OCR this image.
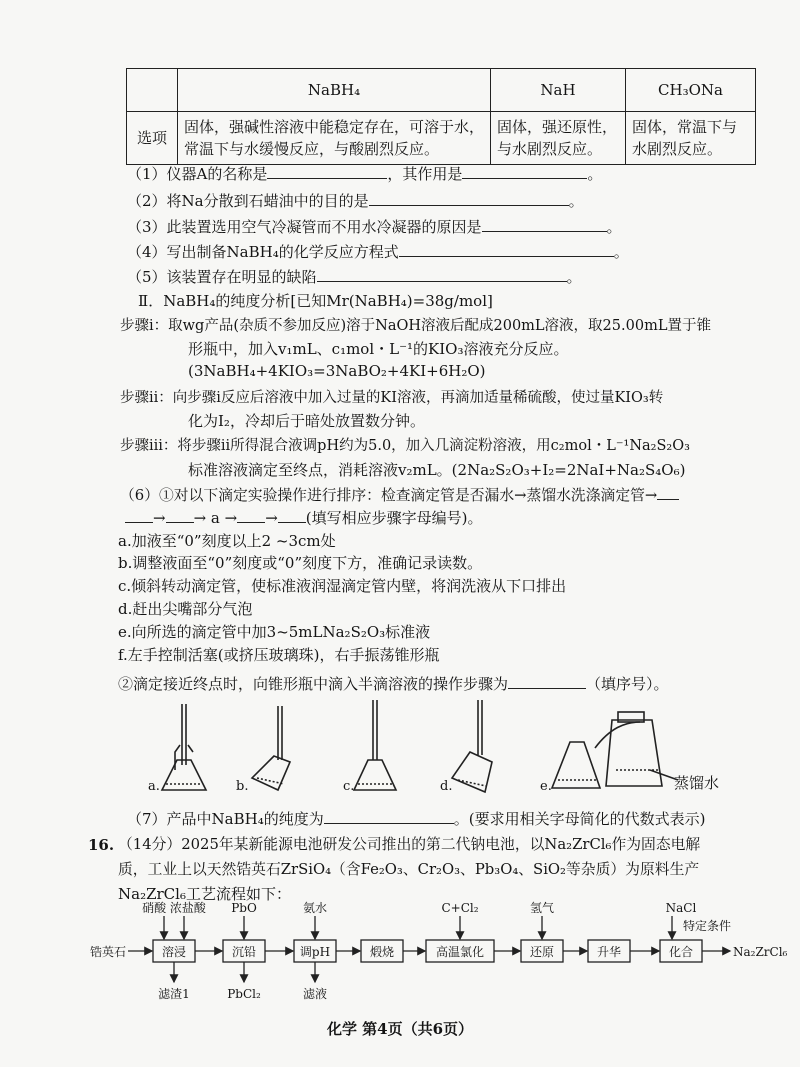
	NaBH₄	NaH	CH₃ONa
选项	固体，强碱性溶液中能稳定存在，可溶于水，常温下与水缓慢反应，与酸剧烈反应。	固体，强还原性，与水剧烈反应。	固体，常温下与水剧烈反应。
（1）仪器A的名称是	，其作用是	。
（2）将Na分散到石蜡油中的目的是	。
（3）此装置选用空气冷凝管而不用水冷凝器的原因是	。
（4）写出制备NaBH₄的化学反应方程式	。
（5）该装置存在明显的缺陷	。
Ⅱ．NaBH₄的纯度分析[已知Mr(NaBH₄)=38g/mol]
步骤i：取wg产品(杂质不参加反应)溶于NaOH溶液后配成200mL溶液，取25.00mL置于锥
形瓶中，加入v₁mL、c₁mol・L⁻¹的KIO₃溶液充分反应。
(3NaBH₄+4KIO₃=3NaBO₂+4KI+6H₂O)
步骤ⅱ：向步骤i反应后溶液中加入过量的KI溶液，再滴加适量稀硫酸，使过量KIO₃转
化为I₂，冷却后于暗处放置数分钟。
步骤ⅲ：将步骤ⅱ所得混合液调pH约为5.0，加入几滴淀粉溶液，用c₂mol・L⁻¹Na₂S₂O₃
标准溶液滴定至终点，消耗溶液v₂mL。(2Na₂S₂O₃+I₂=2NaI+Na₂S₄O₆)
（6）①对以下滴定实验操作进行排序：检查滴定管是否漏水→蒸馏水洗涤滴定管→
→ → a → → (填写相应步骤字母编号)。
a.加液至“0”刻度以上2 ~3cm处
b.调整液面至“0”刻度或“0”刻度下方，准确记录读数。
c.倾斜转动滴定管，使标准液润湿滴定管内壁，将润洗液从下口排出
d.赶出尖嘴部分气泡
e.向所选的滴定管中加3~5mLNa₂S₂O₃标准液
f.左手控制活塞(或挤压玻璃珠)，右手振荡锥形瓶
②滴定接近终点时，向锥形瓶中滴入半滴溶液的操作步骤为	（填序号）。
a.	b.	c.	d.	e.	蒸馏水
（7）产品中NaBH₄的纯度为	。(要求用相关字母简化的代数式表示)
16. （14分）2025年某新能源电池研发公司推出的第二代钠电池，以Na₂ZrCl₆作为固态电解
质，工业上以天然锆英石ZrSiO₄（含Fe₂O₃、Cr₂O₃、Pb₃O₄、SiO₂等杂质）为原料生产
Na₂ZrCl₆工艺流程如下：
锆英石	溶浸	沉铅	调pH	煅烧	高温氯化	还原	升华	化合
硝酸 浓盐酸 PbO	氨水	C+Cl₂	氢气	NaCl
特定条件
滤渣1	PbCl₂	滤液
Na₂ZrCl₆
化学 第4页（共6页）
